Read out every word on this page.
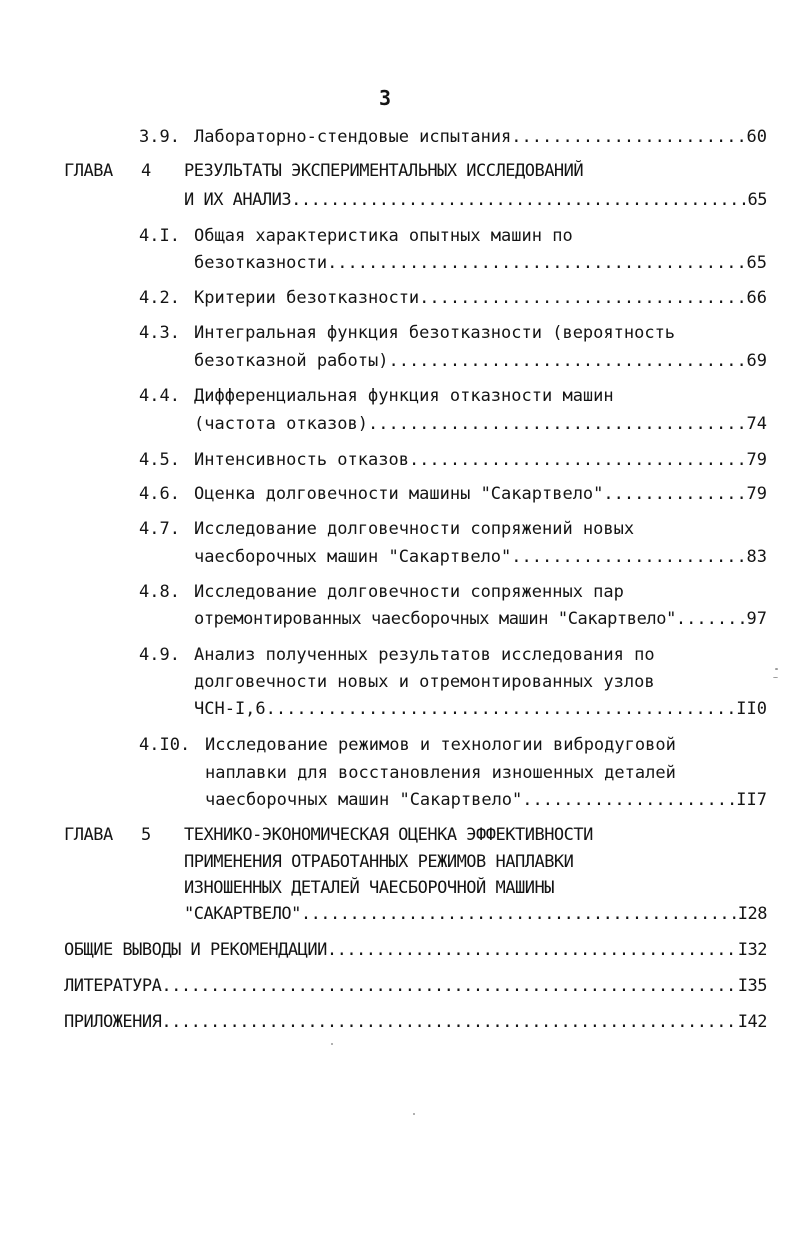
3
3.9. Лабораторно-стендовые испытания .....	60
ГЛАВА 4 РЕЗУЛЬТАТЫ ЭКСПЕРИМЕНТАЛЬНЫХ ИССЛЕДОВАНИЙ
И ИХ АНАЛИЗ .....	65
4.I. Общая характеристика опытных машин по
безотказности .....	65
4.2. Критерии безотказности .....	66
4.3. Интегральная функция безотказности (вероятность
безотказной работы) .....	69
4.4. Дифференциальная функция отказности машин
(частота отказов) .....	74
4.5. Интенсивность отказов .....	79
4.6. Оценка долговечности машины "Сакартвело" .....	79
4.7. Исследование долговечности сопряжений новых
чаесборочных машин "Сакартвело" .....	83
4.8. Исследование долговечности сопряженных пар
отремонтированных чаесборочных машин "Сакартвело" .....	97
4.9. Анализ полученных результатов исследования по
долговечности новых и отремонтированных узлов
ЧСН-I,6 .....	II0
4.I0. Исследование режимов и технологии вибродуговой
наплавки для восстановления изношенных деталей
чаесборочных машин "Сакартвело" .....	II7
ГЛАВА 5 ТЕХНИКО-ЭКОНОМИЧЕСКАЯ ОЦЕНКА ЭФФЕКТИВНОСТИ
ПРИМЕНЕНИЯ ОТРАБОТАННЫХ РЕЖИМОВ НАПЛАВКИ
ИЗНОШЕННЫХ ДЕТАЛЕЙ ЧАЕСБОРОЧНОЙ МАШИНЫ
"САКАРТВЕЛО" .....	I28
ОБЩИЕ ВЫВОДЫ И РЕКОМЕНДАЦИИ .....	I32
ЛИТЕРАТУРА .....	I35
ПРИЛОЖЕНИЯ .....	I42
